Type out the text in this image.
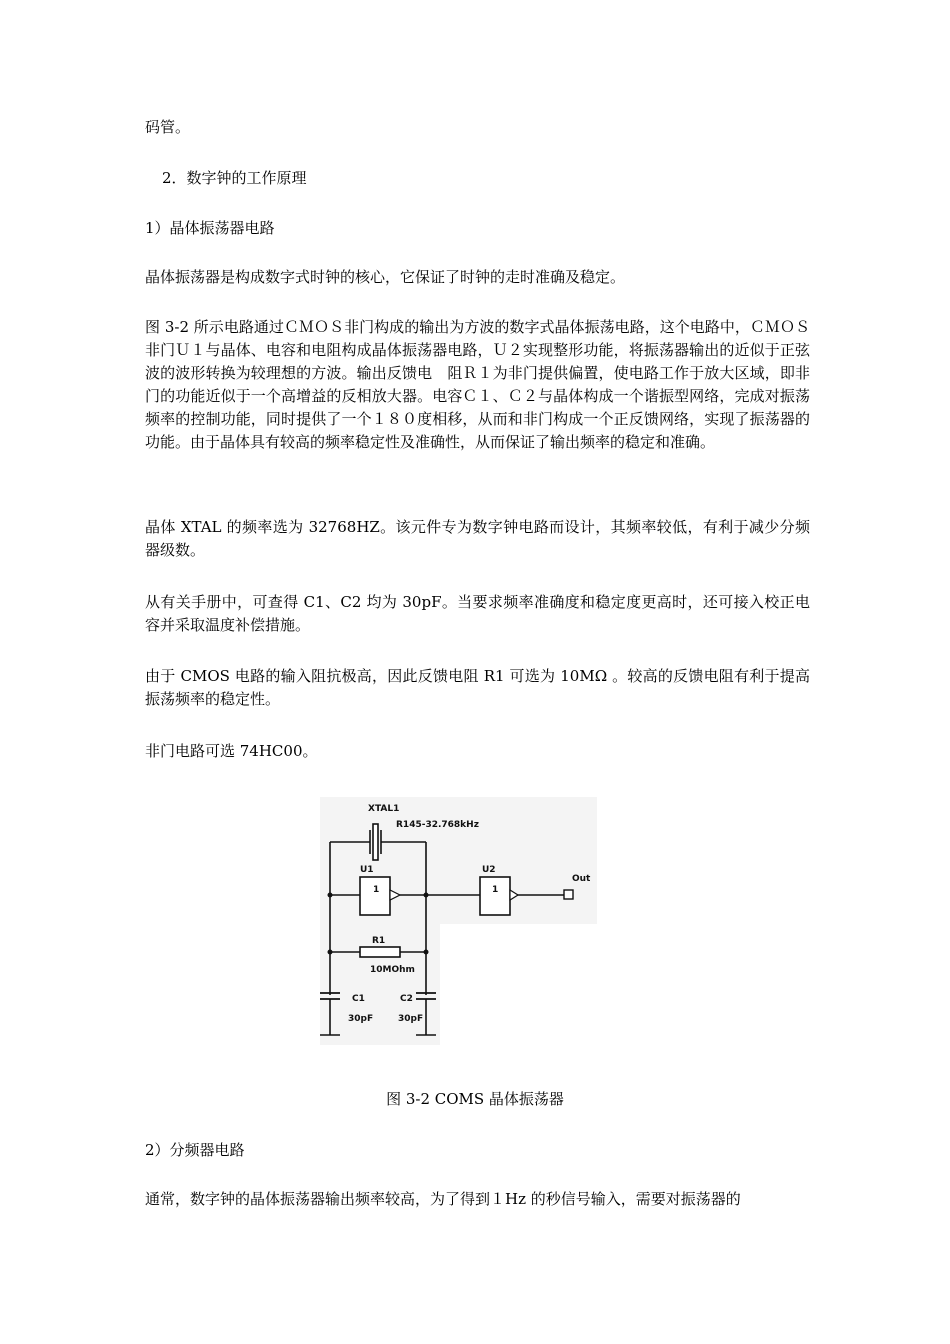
码管。

2．数字钟的工作原理

1）晶体振荡器电路

晶体振荡器是构成数字式时钟的核心，它保证了时钟的走时准确及稳定。

图 3-2 所示电路通过ＣＭＯＳ非门构成的输出为方波的数字式晶体振荡电路，这个电路中，ＣＭＯＳ非门Ｕ１与晶体、电容和电阻构成晶体振荡器电路，Ｕ２实现整形功能，将振荡器输出的近似于正弦波的波形转换为较理想的方波。输出反馈电　阻Ｒ１为非门提供偏置，使电路工作于放大区域，即非门的功能近似于一个高增益的反相放大器。电容Ｃ１、Ｃ２与晶体构成一个谐振型网络，完成对振荡频率的控制功能，同时提供了一个１８０度相移，从而和非门构成一个正反馈网络，实现了振荡器的功能。由于晶体具有较高的频率稳定性及准确性，从而保证了输出频率的稳定和准确。

晶体 XTAL 的频率选为 32768HZ。该元件专为数字钟电路而设计，其频率较低，有利于减少分频器级数。

从有关手册中，可查得 C1、C2 均为 30pF。当要求频率准确度和稳定度更高时，还可接入校正电容并采取温度补偿措施。

由于 CMOS 电路的输入阻抗极高，因此反馈电阻 R1 可选为 10MΩ 。较高的反馈电阻有利于提高振荡频率的稳定性。

非门电路可选 74HC00。

XTAL1
R145-32.768kHz
U1
1
U2
1
Out
R1
10MOhm
C1
30pF
C2
30pF
图 3-2 COMS 晶体振荡器

2）分频器电路

通常，数字钟的晶体振荡器输出频率较高，为了得到１Hz 的秒信号输入，需要对振荡器的
